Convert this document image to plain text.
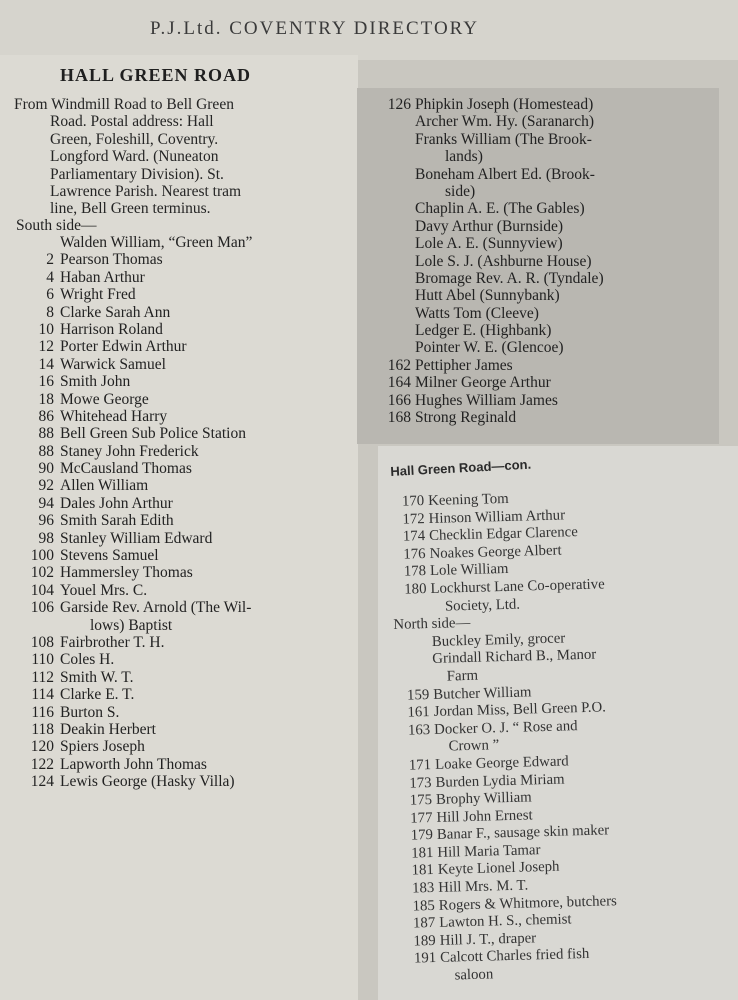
P.J.Ltd. COVENTRY DIRECTORY
HALL GREEN ROAD
From Windmill Road to Bell Green
Road. Postal address: Hall
Green, Foleshill, Coventry.
Longford Ward. (Nuneaton
Parliamentary Division). St.
Lawrence Parish. Nearest tram
line, Bell Green terminus.
South side—
Walden William, “Green Man”
2 Pearson Thomas
4 Haban Arthur
6 Wright Fred
8 Clarke Sarah Ann
10 Harrison Roland
12 Porter Edwin Arthur
14 Warwick Samuel
16 Smith John
18 Mowe George
86 Whitehead Harry
88 Bell Green Sub Police Station
88 Staney John Frederick
90 McCausland Thomas
92 Allen William
94 Dales John Arthur
96 Smith Sarah Edith
98 Stanley William Edward
100 Stevens Samuel
102 Hammersley Thomas
104 Youel Mrs. C.
106 Garside Rev. Arnold (The Wil-
lows) Baptist
108 Fairbrother T. H.
110 Coles H.
112 Smith W. T.
114 Clarke E. T.
116 Burton S.
118 Deakin Herbert
120 Spiers Joseph
122 Lapworth John Thomas
124 Lewis George (Hasky Villa)
126 Phipkin Joseph (Homestead)
Archer Wm. Hy. (Saranarch)
Franks William (The Brook-
lands)
Boneham Albert Ed. (Brook-
side)
Chaplin A. E. (The Gables)
Davy Arthur (Burnside)
Lole A. E. (Sunnyview)
Lole S. J. (Ashburne House)
Bromage Rev. A. R. (Tyndale)
Hutt Abel (Sunnybank)
Watts Tom (Cleeve)
Ledger E. (Highbank)
Pointer W. E. (Glencoe)
162 Pettipher James
164 Milner George Arthur
166 Hughes William James
168 Strong Reginald
Hall Green Road—con.
170 Keening Tom
172 Hinson William Arthur
174 Checklin Edgar Clarence
176 Noakes George Albert
178 Lole William
180 Lockhurst Lane Co-operative
Society, Ltd.
North side—
Buckley Emily, grocer
Grindall Richard B., Manor
Farm
159 Butcher William
161 Jordan Miss, Bell Green P.O.
163 Docker O. J. “ Rose and
Crown ”
171 Loake George Edward
173 Burden Lydia Miriam
175 Brophy William
177 Hill John Ernest
179 Banar F., sausage skin maker
181 Hill Maria Tamar
181 Keyte Lionel Joseph
183 Hill Mrs. M. T.
185 Rogers & Whitmore, butchers
187 Lawton H. S., chemist
189 Hill J. T., draper
191 Calcott Charles fried fish
saloon
